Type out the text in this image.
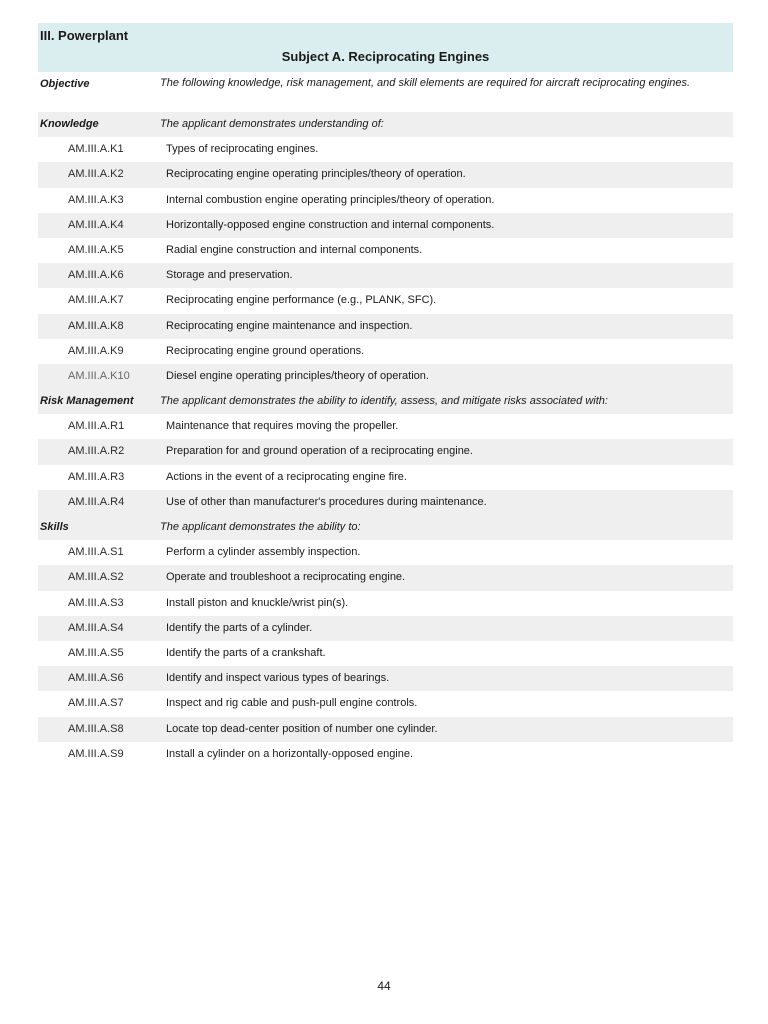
III. Powerplant
Subject A. Reciprocating Engines
Objective	The following knowledge, risk management, and skill elements are required for aircraft reciprocating engines.
Knowledge	The applicant demonstrates understanding of:
AM.III.A.K1	Types of reciprocating engines.
AM.III.A.K2	Reciprocating engine operating principles/theory of operation.
AM.III.A.K3	Internal combustion engine operating principles/theory of operation.
AM.III.A.K4	Horizontally-opposed engine construction and internal components.
AM.III.A.K5	Radial engine construction and internal components.
AM.III.A.K6	Storage and preservation.
AM.III.A.K7	Reciprocating engine performance (e.g., PLANK, SFC).
AM.III.A.K8	Reciprocating engine maintenance and inspection.
AM.III.A.K9	Reciprocating engine ground operations.
AM.III.A.K10	Diesel engine operating principles/theory of operation.
Risk Management The applicant demonstrates the ability to identify, assess, and mitigate risks associated with:
AM.III.A.R1	Maintenance that requires moving the propeller.
AM.III.A.R2	Preparation for and ground operation of a reciprocating engine.
AM.III.A.R3	Actions in the event of a reciprocating engine fire.
AM.III.A.R4	Use of other than manufacturer's procedures during maintenance.
Skills	The applicant demonstrates the ability to:
AM.III.A.S1	Perform a cylinder assembly inspection.
AM.III.A.S2	Operate and troubleshoot a reciprocating engine.
AM.III.A.S3	Install piston and knuckle/wrist pin(s).
AM.III.A.S4	Identify the parts of a cylinder.
AM.III.A.S5	Identify the parts of a crankshaft.
AM.III.A.S6	Identify and inspect various types of bearings.
AM.III.A.S7	Inspect and rig cable and push-pull engine controls.
AM.III.A.S8	Locate top dead-center position of number one cylinder.
AM.III.A.S9	Install a cylinder on a horizontally-opposed engine.
44
